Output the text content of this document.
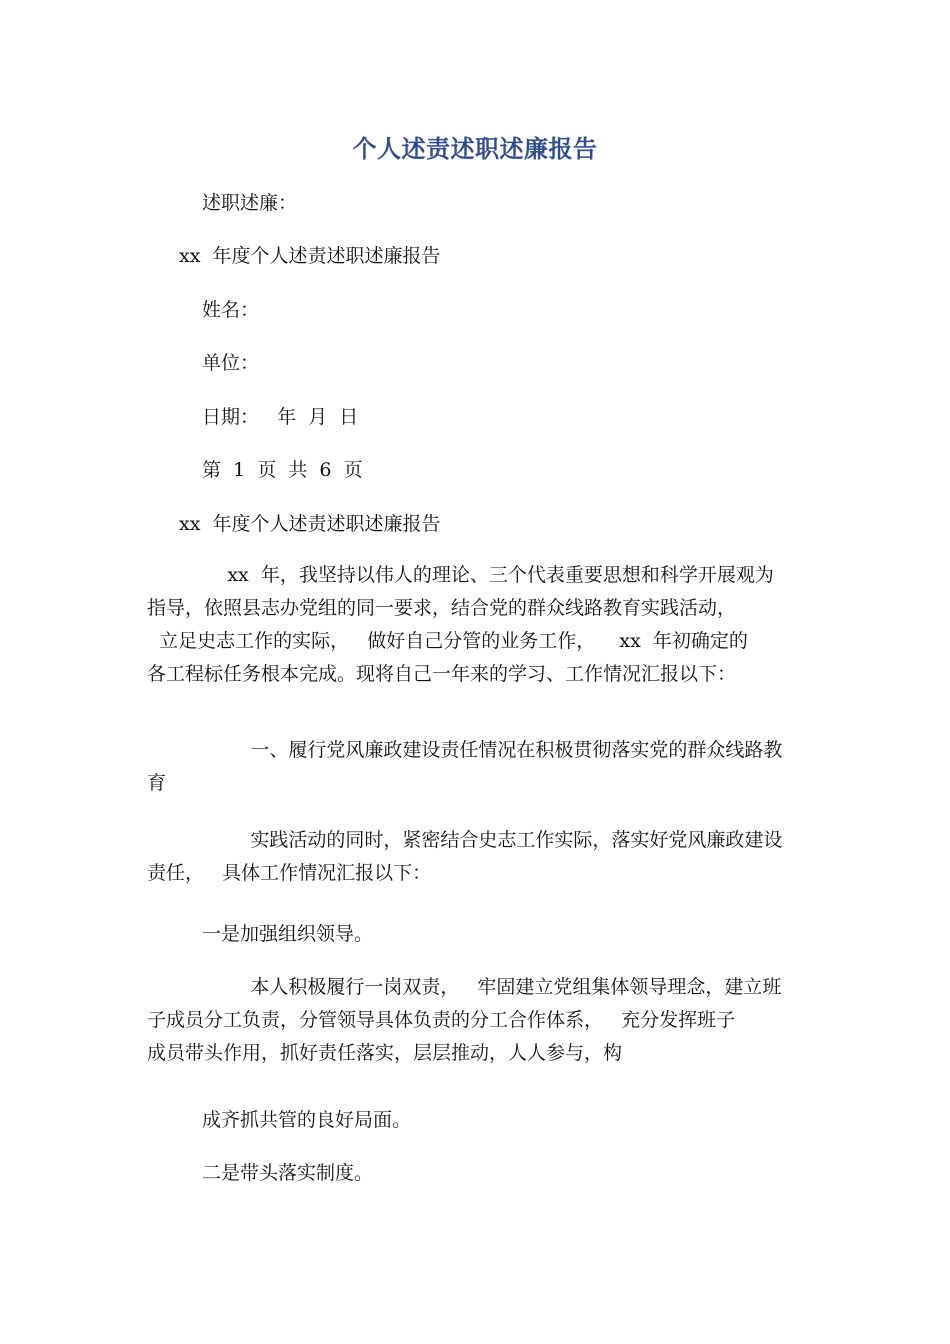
个人述责述职述廉报告
述职述廉：
xx  年度个人述责述职述廉报告
姓名：
单位：
日期：   年  月  日
第  1  页  共  6  页
xx  年度个人述责述职述廉报告
xx  年，我坚持以伟人的理论、三个代表重要思想和科学开展观为
指导，依照县志办党组的同一要求，结合党的群众线路教育实践活动，
立足史志工作的实际，   做好自己分管的业务工作，    xx  年初确定的
各工程标任务根本完成。现将自己一年来的学习、工作情况汇报以下：
一、履行党风廉政建设责任情况在积极贯彻落实党的群众线路教
育
实践活动的同时，紧密结合史志工作实际，落实好党风廉政建设
责任，   具体工作情况汇报以下：
一是加强组织领导。
本人积极履行一岗双责，   牢固建立党组集体领导理念，建立班
子成员分工负责，分管领导具体负责的分工合作体系，   充分发挥班子
成员带头作用，抓好责任落实，层层推动，人人参与，构
成齐抓共管的良好局面。
二是带头落实制度。
